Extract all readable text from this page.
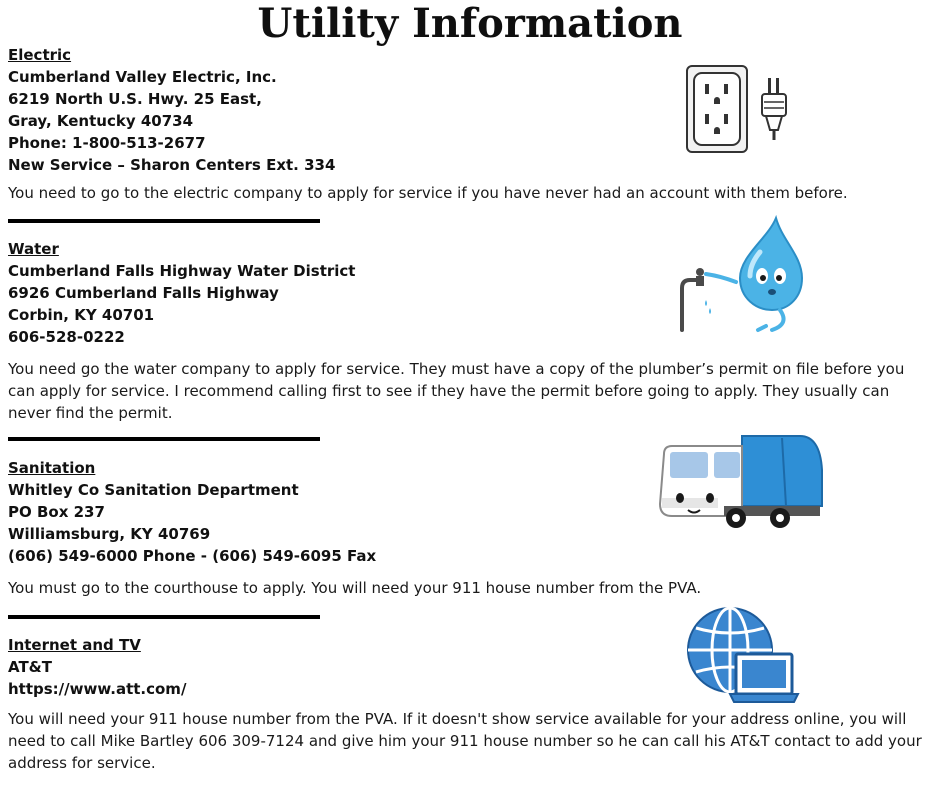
Utility Information
Electric
Cumberland Valley Electric, Inc.
6219 North U.S. Hwy. 25 East,
Gray, Kentucky 40734
Phone: 1-800-513-2677
New Service – Sharon Centers Ext. 334
You need to go to the electric company to apply for service if you have never had an account with them before.
Water
Cumberland Falls Highway Water District
6926 Cumberland Falls Highway
Corbin, KY 40701
606-528-0222
You need go the water company to apply for service. They must have a copy of the plumber’s permit on file before you can apply for service. I recommend calling first to see if they have the permit before going to apply. They usually can never find the permit.
Sanitation
Whitley Co Sanitation Department
PO Box 237
Williamsburg, KY 40769
(606) 549-6000 Phone - (606) 549-6095 Fax
You must go to the courthouse to apply. You will need your 911 house number from the PVA.
Internet and TV
AT&T
https://www.att.com/
You will need your 911 house number from the PVA. If it doesn't show service available for your address online, you will need to call Mike Bartley 606 309-7124 and give him your 911 house number so he can call his AT&T contact to add your address for service.
